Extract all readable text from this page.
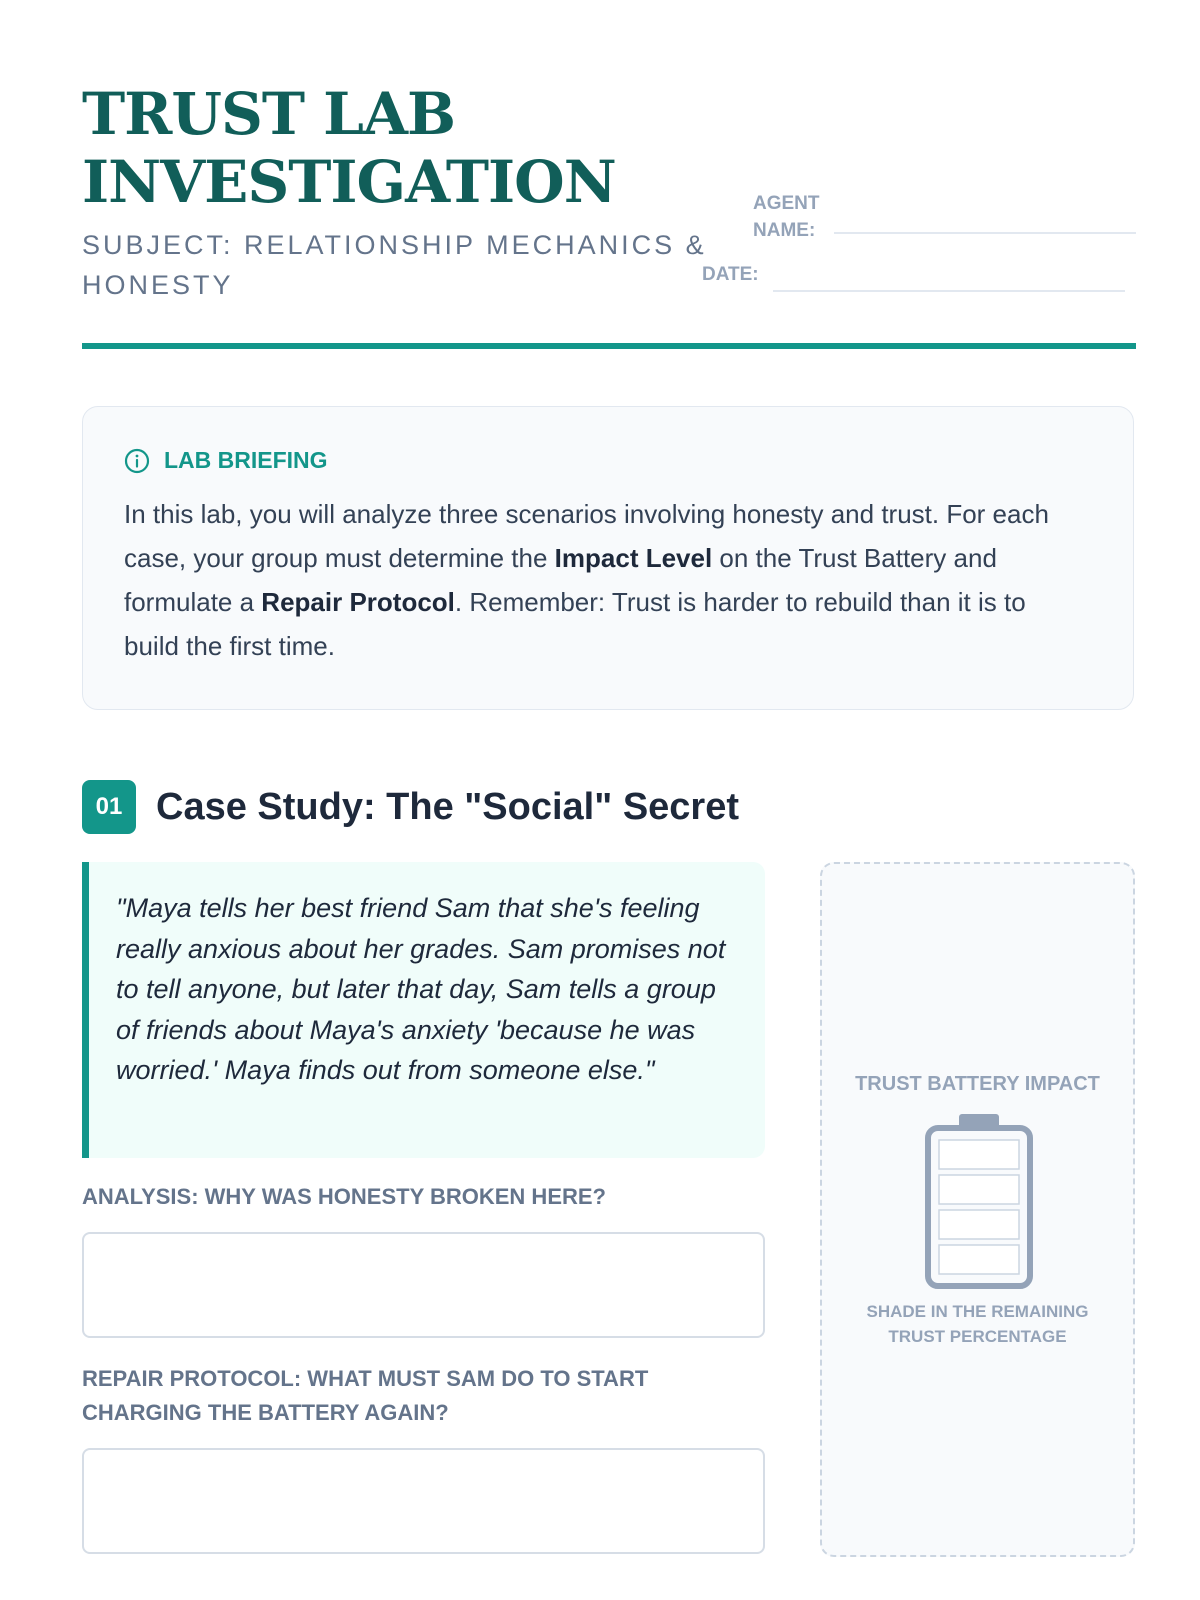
TRUST LAB
INVESTIGATION
SUBJECT: RELATIONSHIP MECHANICS & HONESTY
AGENT
NAME:
DATE:
LAB BRIEFING

In this lab, you will analyze three scenarios involving honesty and trust. For each case, your group must determine the Impact Level on the Trust Battery and formulate a Repair Protocol. Remember: Trust is harder to rebuild than it is to build the first time.

01 Case Study: The "Social" Secret

"Maya tells her best friend Sam that she's feeling really anxious about her grades. Sam promises not to tell anyone, but later that day, Sam tells a group of friends about Maya's anxiety 'because he was worried.' Maya finds out from someone else."

ANALYSIS: WHY WAS HONESTY BROKEN HERE?
REPAIR PROTOCOL: WHAT MUST SAM DO TO START CHARGING THE BATTERY AGAIN?
TRUST BATTERY IMPACT
SHADE IN THE REMAINING TRUST PERCENTAGE
